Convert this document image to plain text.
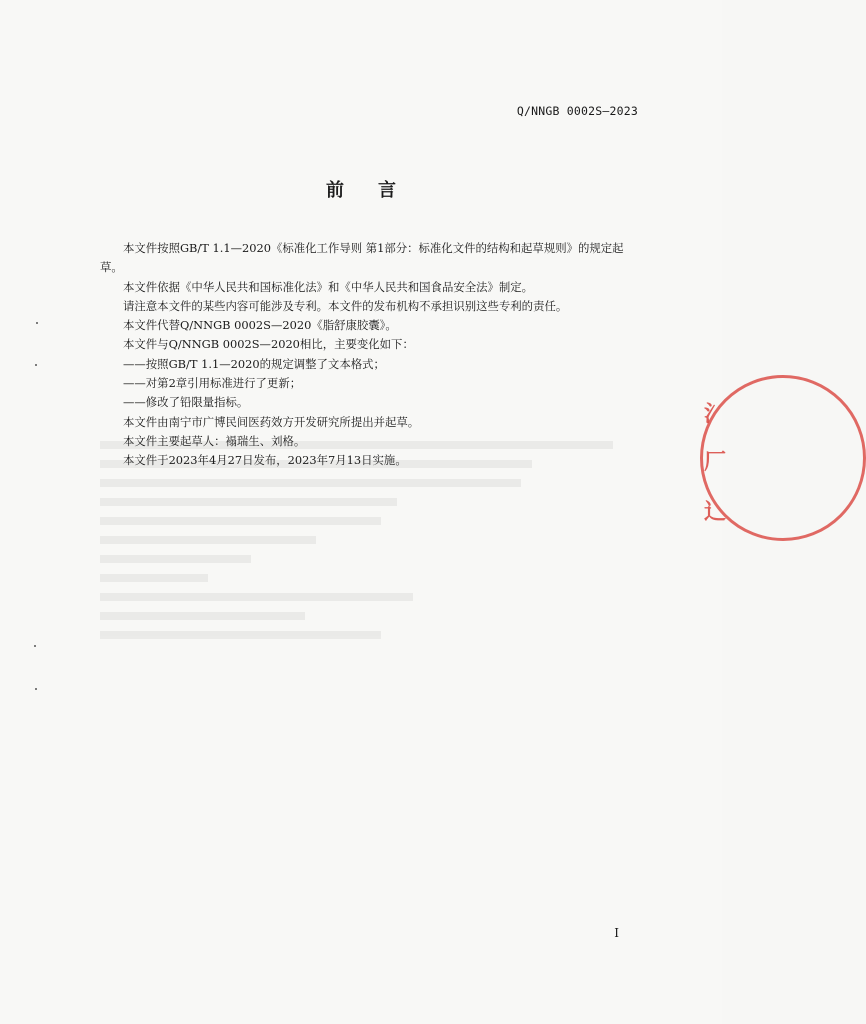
Q/NNGB 0002S—2023
前言

本文件按照GB/T 1.1—2020《标准化工作导则 第1部分：标准化文件的结构和起草规则》的规定起草。

本文件依据《中华人民共和国标准化法》和《中华人民共和国食品安全法》制定。

请注意本文件的某些内容可能涉及专利。本文件的发布机构不承担识别这些专利的责任。

本文件代替Q/NNGB 0002S—2020《脂舒康胶囊》。

本文件与Q/NNGB 0002S—2020相比，主要变化如下：

——按照GB/T 1.1—2020的规定调整了文本格式；

——对第2章引用标准进行了更新；

——修改了铅限量指标。

本文件由南宁市广博民间医药效方开发研究所提出并起草。

本文件主要起草人：褟瑞生、刘格。

本文件于2023年4月27日发布，2023年7月13日实施。

氵
厂
辶
I
